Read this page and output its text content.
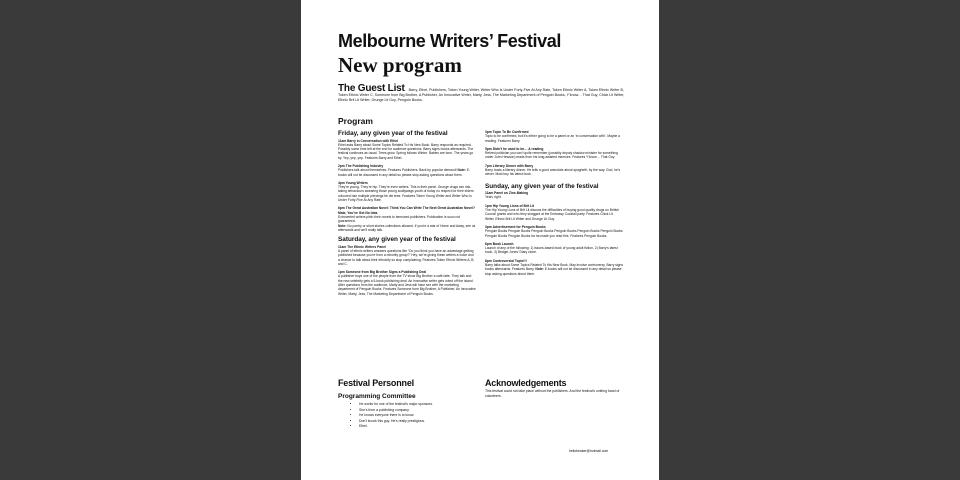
Melbourne Writers’ Festival
New program
The Guest List Barry, Ethel, Publishers, Token Young Writer, Writer Who Is Under Forty-Five At Any Rate, Token Ethnic Writer A, Token Ethnic Writer B, Token Ethnic Writer C, Someone from Big Brother, A Publisher, An Innovative Writer, Marty, Jess, The Marketing Department of Penguin Books, Y’know… That Guy, Chick Lit Writer, Ethnic Brit Lit Writer, Grunge Lit Guy, Penguin Books.
Program
Friday, any given year of the festival
11am Barry in Conversation with Ethel
Ethel asks Barry about Some Topics Related To His New Book. Barry responds as required. Possibly some time left at the end for audience questions. Barry signs books afterwards. The festival continues as usual. Trees grow. Spring follows Winter. Babies are born. The years go by. Yep, yep, yep. Features Barry and Ethel.
2pm The Publishing Industry
Publishers talk about themselves. Features Publishers. Back by popular demand! Note: E-books will not be discussed in any detail so please stop asking questions about them.
4pm Young Writers
They’re young. They’re hip. They’re even writers. This is their panel. Grunge drugs sex risk-taking behaviours swearing those young scallywags youth of today no respect for their elders coloured hair multiple piercings tie die tees. Features Token Young Writer and Writer Who Is Under Forty-Five At Any Rate.
6pm The Great Australian Novel: Think You Can Write The Next Great Australian Novel? Mate, You’ve Got No Idea.
Extroverted writers pitch their novels to bemused publishers. Publication is sooo not guaranteed.
Note: No poetry or short stories collections allowed. If you’re a star of Home and Away, see us afterwards and we’ll really talk.
Saturday, any given year of the festival
11am The Ethnic Writers Panel
A panel of ethnic writers answers questions like “Do you think you have an advantage getting published because you’re from a minority group?” Hey, we’re giving these writers a voice and a chance to talk about their ethnicity so stop complaining. Features Token Ethnic Writers A, B, and C.
1pm Someone from Big Brother Signs a Publishing Deal
A publisher buys one of the people from the TV show Big Brother a café latte. They talk and the new celebrity gets a 5-book publishing deal. An innovative writer gets voted off the island. After questions from the audience, Marty and Jess will have sex with the marketing department of Penguin Books. Features Someone from Big Brother, A Publisher, An Innovative Writer, Marty, Jess, The Marketing Department of Penguin Books.
3pm Topic To Be Confirmed
Topic to be confirmed, but it’s either going to be a panel or an ‘in conversation with’. Maybe a reading. Features Barry.
5pm Didn’t he used to be… A reading
Retired politician you can’t quite remember (possibly deputy shadow minister for something under John Hewson) reads from his long-awaited memoirs. Features Y’know… That Guy.
7pm Literary Dinner with Barry
Barry hosts a literary dinner. He tells a good anecdote about spaghetti, by the way. God, he’s clever. Must buy his latest book.
Sunday, any given year of the festival
11am Panel on Zine-Making
Yeah, right.
1pm Hip Young Lions of Brit Lit
The Hip Young Lions of Brit Lit discuss the difficulties of buying good quality drugs on British Council grants and who they shagged at the Embassy Cocktail party. Features Chick Lit Writer, Ethnic Brit Lit Writer and Grunge Lit Guy.
3pm Advertisement for Penguin Books
Penguin Books Penguin Books Penguin Books Penguin Books Penguin Books Penguin Books Penguin Books Penguin Books ha ha made you read this. Features Penguin Books.
6pm Book Launch
Launch of any of the following: 1) issues-based book of young adult fiction, 2) Barry’s latest book, 3) Bridget Jones’ Diary clone.
8pm Controversial Topic!!!
Barry talks about Some Topics Related To His New Book. May involve controversy. Barry signs books afterwards. Features Barry. Note: E-books will not be discussed in any detail so please stop asking questions about them.
Festival Personnel
Programming Committee
• He works for one of the festival’s major sponsors.
• She’s from a publishing company.
• He knows everyone there is to know.
• Don’t knock this guy. He’s really prestigious.
• Ethel.
Acknowledgements
This festival could not take place without the publishers. And the festival’s untiring band of volunteers.
hellobeaker@hotmail.com
